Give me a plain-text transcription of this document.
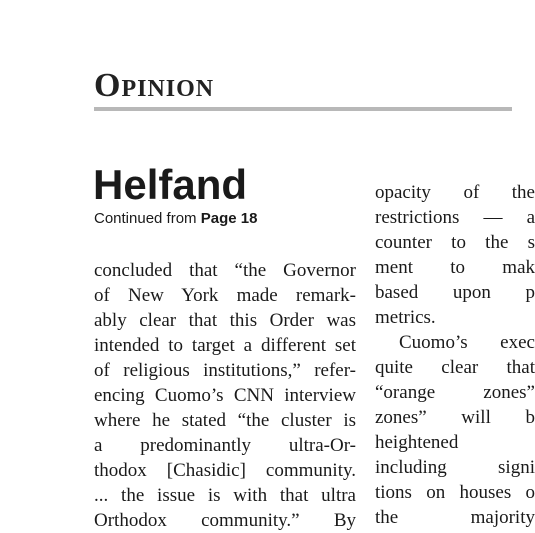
Opinion
Helfand
Continued from Page 18
concluded that “the Governor
of New York made remark-
ably clear that this Order was
intended to target a different set
of religious institutions,” refer-
encing Cuomo’s CNN interview
where he stated “the cluster is
a predominantly ultra-Or-
thodox [Chasidic] community.
... the issue is with that ultra
Orthodox community.” By
opacity of the
restrictions — a
counter to the s
ment to mak
based upon p
metrics.
Cuomo’s exec
quite clear that
“orange zones”
zones” will b
heightened
including signi
tions on houses o
the majority
